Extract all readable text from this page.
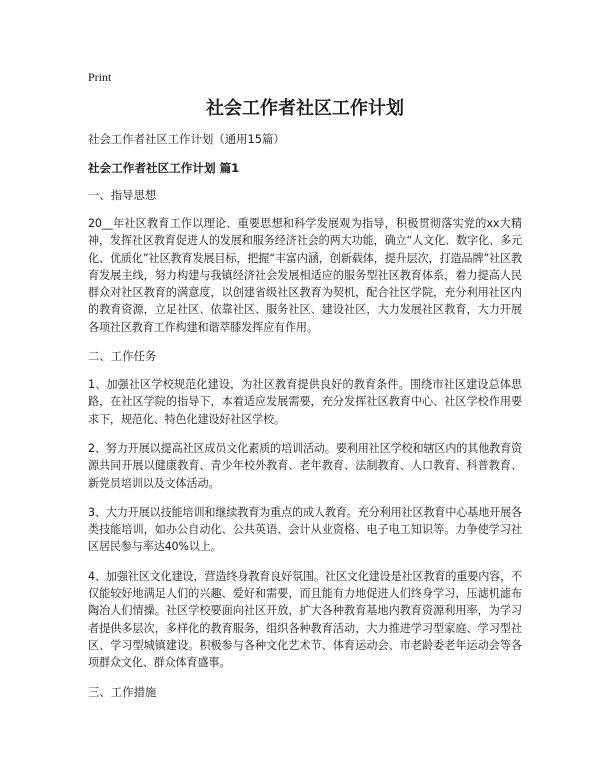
Print
社会工作者社区工作计划
社会工作者社区工作计划（通用15篇）
社会工作者社区工作计划 篇1
一、指导思想

20__年社区教育工作以理论、重要思想和科学发展观为指导，积极贯彻落实党的xx大精神，发挥社区教育促进人的发展和服务经济社会的两大功能，确立“人文化、数字化、多元化、优质化”社区教育发展目标，把握“丰富内涵，创新载体，提升层次，打造品牌”社区教育发展主线，努力构建与我镇经济社会发展相适应的服务型社区教育体系，着力提高人民群众对社区教育的满意度，以创建省级社区教育为契机，配合社区学院，充分利用社区内的教育资源，立足社区、依靠社区、服务社区、建设社区，大力发展社区教育，大力开展各项社区教育工作构建和谐萃膝发挥应有作用。

二、工作任务

1、加强社区学校规范化建设，为社区教育提供良好的教育条件。围绕市社区建设总体思路，在社区学院的指导下，本着适应发展需要，充分发挥社区教育中心、社区学校作用要求下，规范化、特色化建设好社区学校。

2、努力开展以提高社区成员文化素质的培训活动。要利用社区学校和辖区内的其他教育资源共同开展以健康教育、青少年校外教育、老年教育、法制教育、人口教育、科普教育、新党员培训以及文体活动。

3、大力开展以技能培训和继续教育为重点的成人教育。充分利用社区教育中心基地开展各类技能培训，如办公自动化、公共英语、会计从业资格、电子电工知识等。力争使学习社区居民参与率达40%以上。

4、加强社区文化建设，营造终身教育良好氛围。社区文化建设是社区教育的重要内容，不仅能较好地满足人们的兴趣、爱好和需要，而且能有力地促进人们终身学习，压滤机滤布陶冶人们情操。社区学校要面向社区开放，扩大各种教育基地内教育资源利用率，为学习者提供多层次，多样化的教育服务，组织各种教育活动，大力推进学习型家庭、学习型社区、学习型城镇建设。积极参与各种文化艺术节、体育运动会、市老龄委老年运动会等各项群众文化、群众体育盛事。

三、工作措施
